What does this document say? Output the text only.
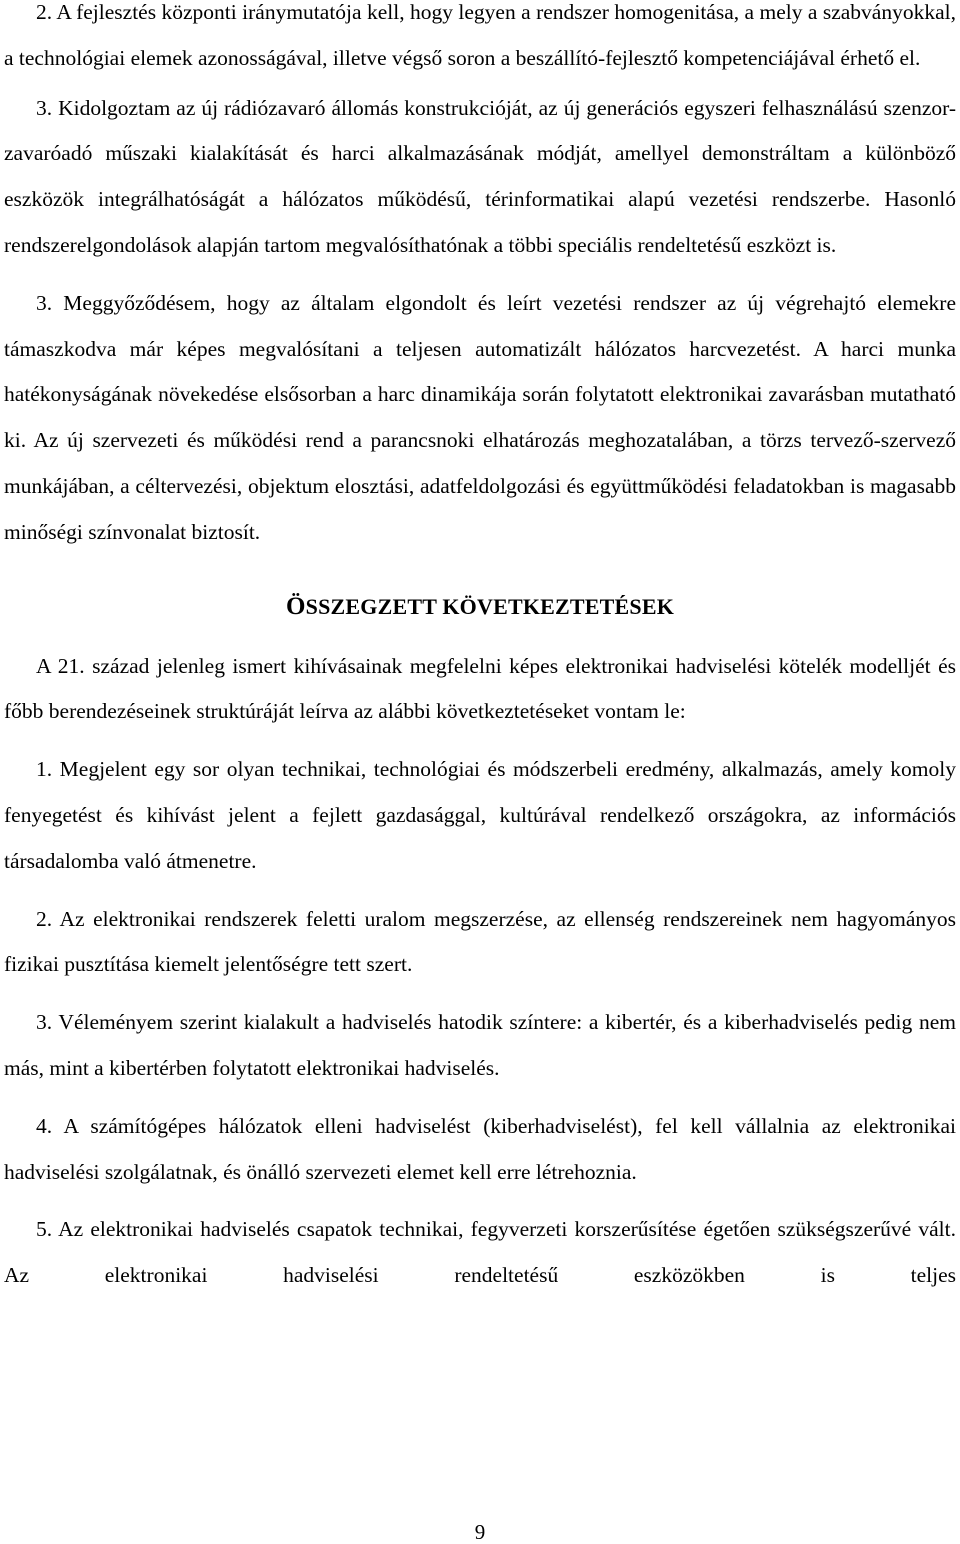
2. A fejlesztés központi iránymutatója kell, hogy legyen a rendszer homogenitása, a mely a szabványokkal, a technológiai elemek azonosságával, illetve végső soron a beszállító-fejlesztő kompetenciájával érhető el.

3. Kidolgoztam az új rádiózavaró állomás konstrukcióját, az új generációs egyszeri felhasználású szenzor-zavaróadó műszaki kialakítását és harci alkalmazásának módját, amellyel demonstráltam a különböző eszközök integrálhatóságát a hálózatos működésű, térinformatikai alapú vezetési rendszerbe. Hasonló rendszerelgondolások alapján tartom megvalósíthatónak a többi speciális rendeltetésű eszközt is.

3. Meggyőződésem, hogy az általam elgondolt és leírt vezetési rendszer az új végrehajtó elemekre támaszkodva már képes megvalósítani a teljesen automatizált hálózatos harcvezetést. A harci munka hatékonyságának növekedése elsősorban a harc dinamikája során folytatott elektronikai zavarásban mutatható ki. Az új szervezeti és működési rend a parancsnoki elhatározás meghozatalában, a törzs tervező-szervező munkájában, a céltervezési, objektum elosztási, adatfeldolgozási és együttműködési feladatokban is magasabb minőségi színvonalat biztosít.

ÖSSZEGZETT KÖVETKEZTETÉSEK

A 21. század jelenleg ismert kihívásainak megfelelni képes elektronikai hadviselési kötelék modelljét és főbb berendezéseinek struktúráját leírva az alábbi következtetéseket vontam le:

1. Megjelent egy sor olyan technikai, technológiai és módszerbeli eredmény, alkalmazás, amely komoly fenyegetést és kihívást jelent a fejlett gazdasággal, kultúrával rendelkező országokra, az információs társadalomba való átmenetre.

2. Az elektronikai rendszerek feletti uralom megszerzése, az ellenség rendszereinek nem hagyományos fizikai pusztítása kiemelt jelentőségre tett szert.

3. Véleményem szerint kialakult a hadviselés hatodik színtere: a kibertér, és a kiberhadviselés pedig nem más, mint a kibertérben folytatott elektronikai hadviselés.

4. A számítógépes hálózatok elleni hadviselést (kiberhadviselést), fel kell vállalnia az elektronikai hadviselési szolgálatnak, és önálló szervezeti elemet kell erre létrehoznia.

5. Az elektronikai hadviselés csapatok technikai, fegyverzeti korszerűsítése égetően szükségszerűvé vált. Az elektronikai hadviselési rendeltetésű eszközökben is teljes

9
